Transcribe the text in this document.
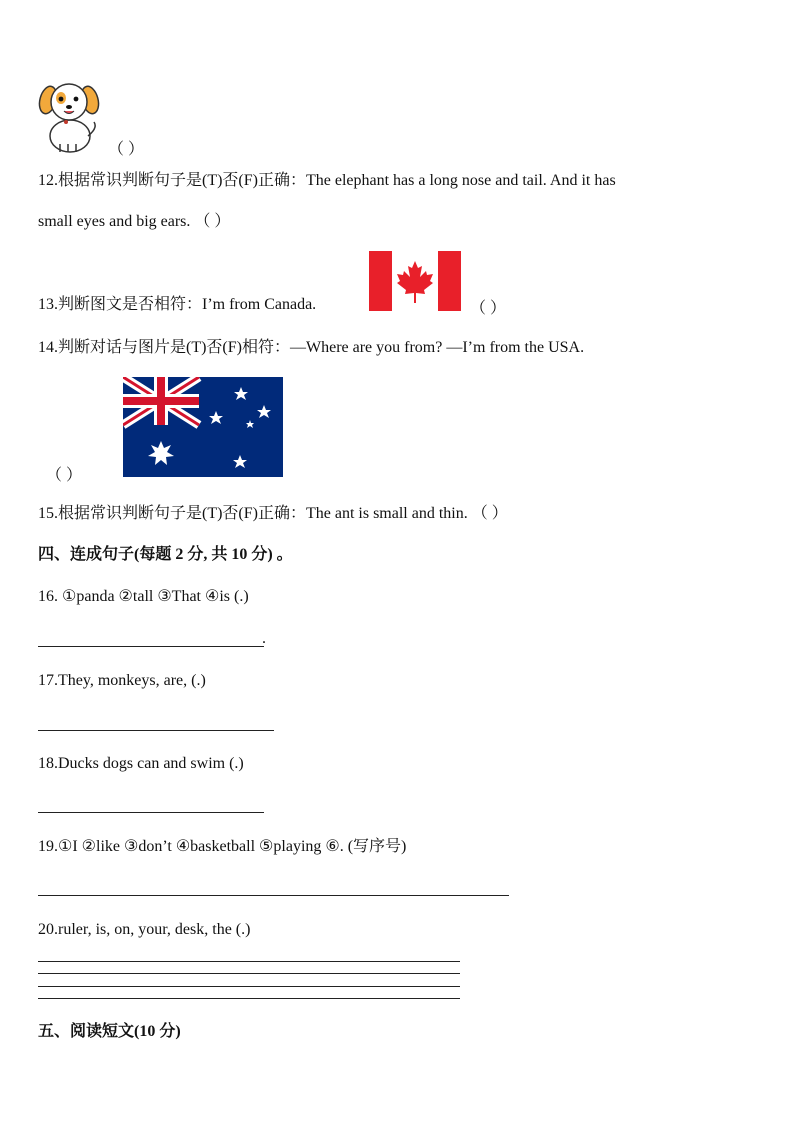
（ ）
12.根据常识判断句子是(T)否(F)正确：The elephant has a long nose and tail. And it has
small eyes and big ears. （ ）
13.判断图文是否相符：I’m from Canada.	（ ）
14.判断对话与图片是(T)否(F)相符：—Where are you from? —I’m from the USA.
（ ）
15.根据常识判断句子是(T)否(F)正确：The ant is small and thin. （ ）
四、连成句子(每题 2 分, 共 10 分) 。
16. ①panda ②tall ③That ④is (.)
.
17.They, monkeys, are, (.)
18.Ducks dogs can and swim (.)
19.①I ②like ③don’t ④basketball ⑤playing ⑥. (写序号)
20.ruler, is, on, your, desk, the (.)
五、阅读短文(10 分)
